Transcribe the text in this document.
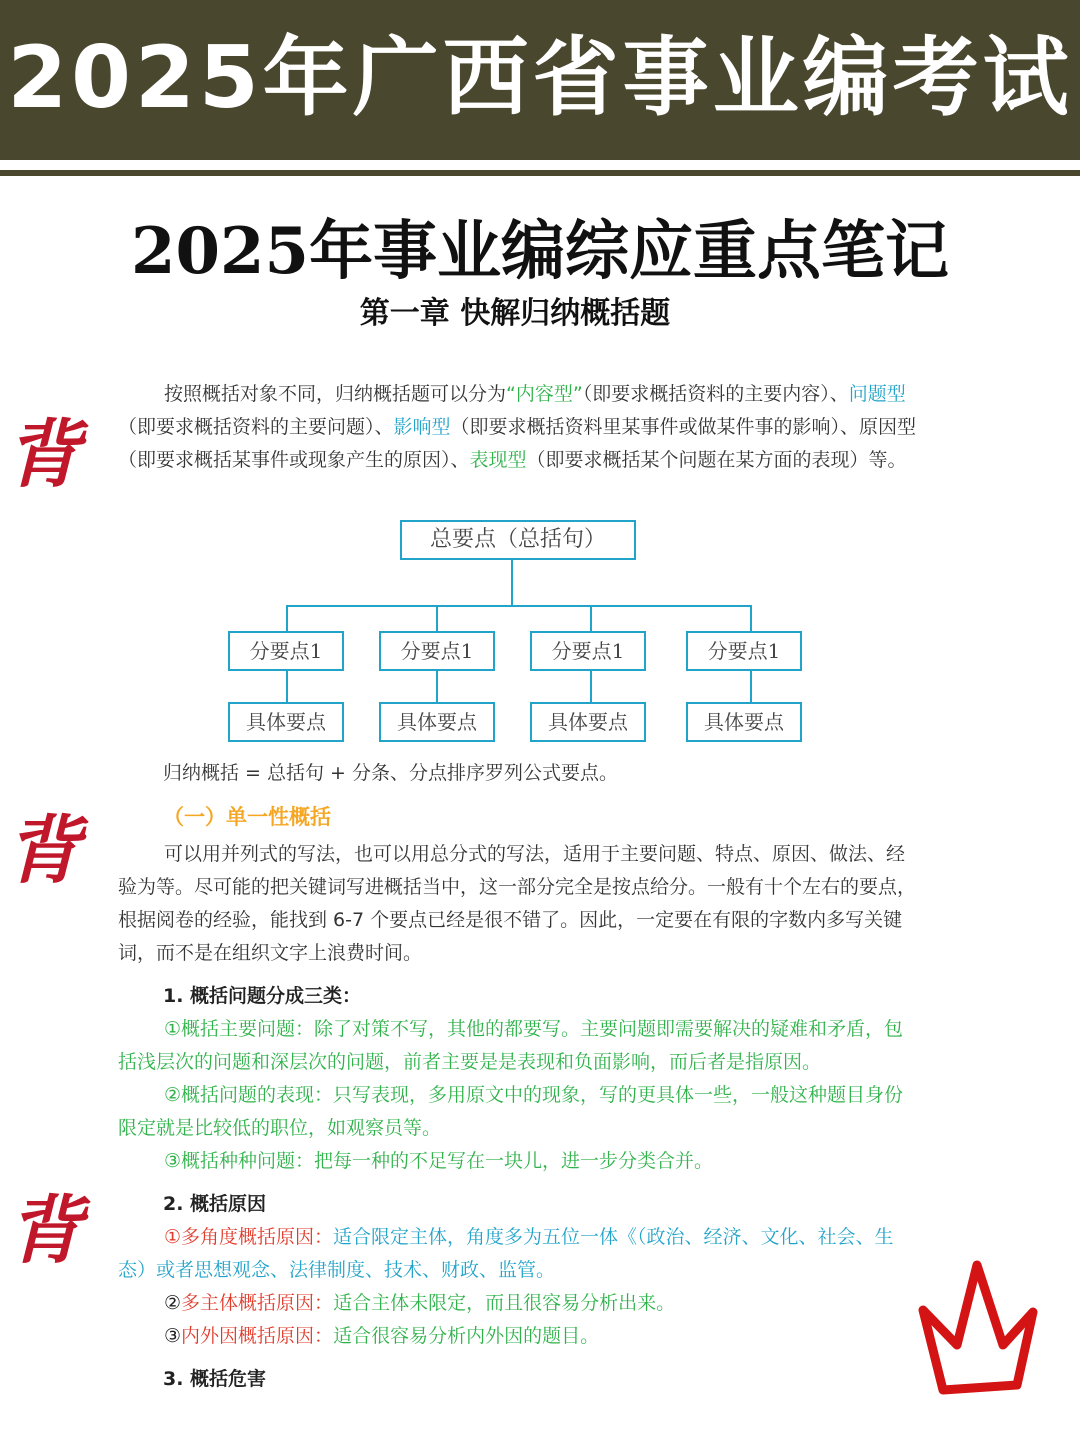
2025年广西省事业编考试
2025年事业编综应重点笔记
第一章 快解归纳概括题
背
背
背

按照概括对象不同，归纳概括题可以分为“内容型”（即要求概括资料的主要内容）、问题型（即要求概括资料的主要问题）、影响型（即要求概括资料里某事件或做某件事的影响）、原因型（即要求概括某事件或现象产生的原因）、表现型（即要求概括某个问题在某方面的表现）等。

总要点（总括句）
分要点1	分要点1	分要点1	分要点1
具体要点	具体要点	具体要点	具体要点
归纳概括 = 总括句 + 分条、分点排序罗列公式要点。
（一）单一性概括

可以用并列式的写法，也可以用总分式的写法，适用于主要问题、特点、原因、做法、经验为等。尽可能的把关键词写进概括当中，这一部分完全是按点给分。一般有十个左右的要点，根据阅卷的经验，能找到 6-7 个要点已经是很不错了。因此，一定要在有限的字数内多写关键词，而不是在组织文字上浪费时间。

1. 概括问题分成三类：

①概括主要问题：除了对策不写，其他的都要写。主要问题即需要解决的疑难和矛盾，包括浅层次的问题和深层次的问题，前者主要是是表现和负面影响，而后者是指原因。

②概括问题的表现：只写表现，多用原文中的现象，写的更具体一些，一般这种题目身份限定就是比较低的职位，如观察员等。

③概括种种问题：把每一种的不足写在一块儿，进一步分类合并。

2. 概括原因

①多角度概括原因：适合限定主体，角度多为五位一体《（政治、经济、文化、社会、生态）或者思想观念、法律制度、技术、财政、监管。

②多主体概括原因：适合主体未限定，而且很容易分析出来。

③内外因概括原因：适合很容易分析内外因的题目。

3. 概括危害
